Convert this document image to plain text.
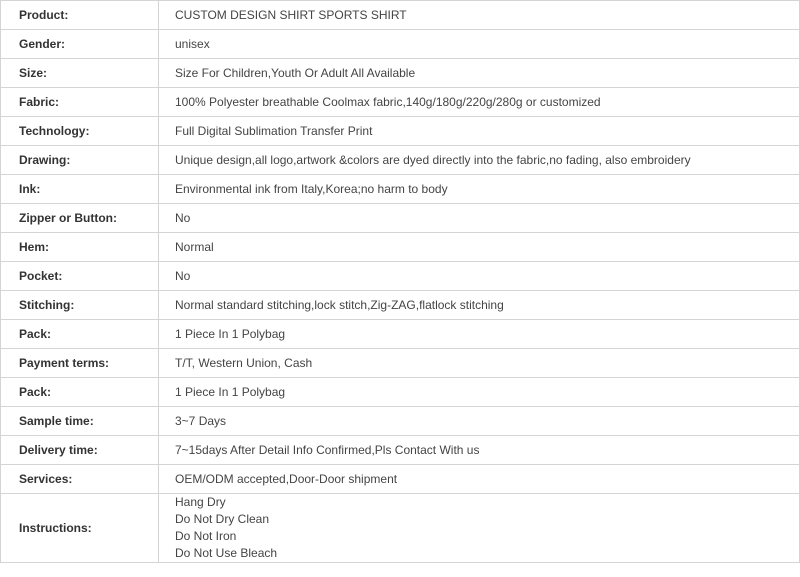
Product:	CUSTOM DESIGN SHIRT SPORTS SHIRT
Gender:	unisex
Size:	Size For Children,Youth Or Adult All Available
Fabric:	100% Polyester breathable Coolmax fabric,140g/180g/220g/280g or customized
Technology:	Full Digital Sublimation Transfer Print
Drawing:	Unique design,all logo,artwork &colors are dyed directly into the fabric,no fading, also embroidery
Ink:	Environmental ink from Italy,Korea;no harm to body
Zipper or Button:	No
Hem:	Normal
Pocket:	No
Stitching:	Normal standard stitching,lock stitch,Zig-ZAG,flatlock stitching
Pack:	1 Piece In 1 Polybag
Payment terms:	T/T, Western Union, Cash
Pack:	1 Piece In 1 Polybag
Sample time:	3~7 Days
Delivery time:	7~15days After Detail Info Confirmed,Pls Contact With us
Services:	OEM/ODM accepted,Door-Door shipment
Instructions:	Hang Dry
Do Not Dry Clean
Do Not Iron
Do Not Use Bleach
